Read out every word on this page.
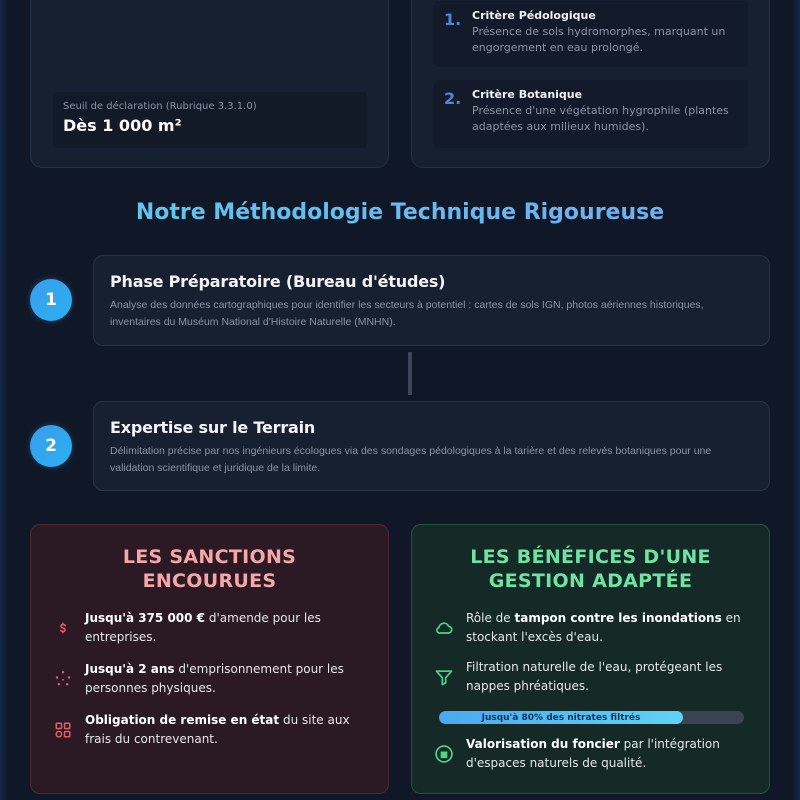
Seuil de déclaration (Rubrique 3.3.1.0)
Dès 1 000 m²
1. Critère Pédologique
Présence de sols hydromorphes, marquant un engorgement en eau prolongé.
2. Critère Botanique
Présence d'une végétation hygrophile (plantes adaptées aux milieux humides).
Notre Méthodologie Technique Rigoureuse
1
Phase Préparatoire (Bureau d'études)
Analyse des données cartographiques pour identifier les secteurs à potentiel : cartes de sols IGN, photos aériennes historiques, inventaires du Muséum National d'Histoire Naturelle (MNHN).
2
Expertise sur le Terrain
Délimitation précise par nos ingénieurs écologues via des sondages pédologiques à la tarière et des relevés botaniques pour une validation scientifique et juridique de la limite.
LES SANCTIONS
ENCOURUES
Jusqu'à 375 000 € d'amende pour les entreprises.
Jusqu'à 2 ans d'emprisonnement pour les personnes physiques.
Obligation de remise en état du site aux frais du contrevenant.
LES BÉNÉFICES D'UNE
GESTION ADAPTÉE
Rôle de tampon contre les inondations en stockant l'excès d'eau.
Filtration naturelle de l'eau, protégeant les nappes phréatiques.
Jusqu'à 80% des nitrates filtrés
Valorisation du foncier par l'intégration d'espaces naturels de qualité.
